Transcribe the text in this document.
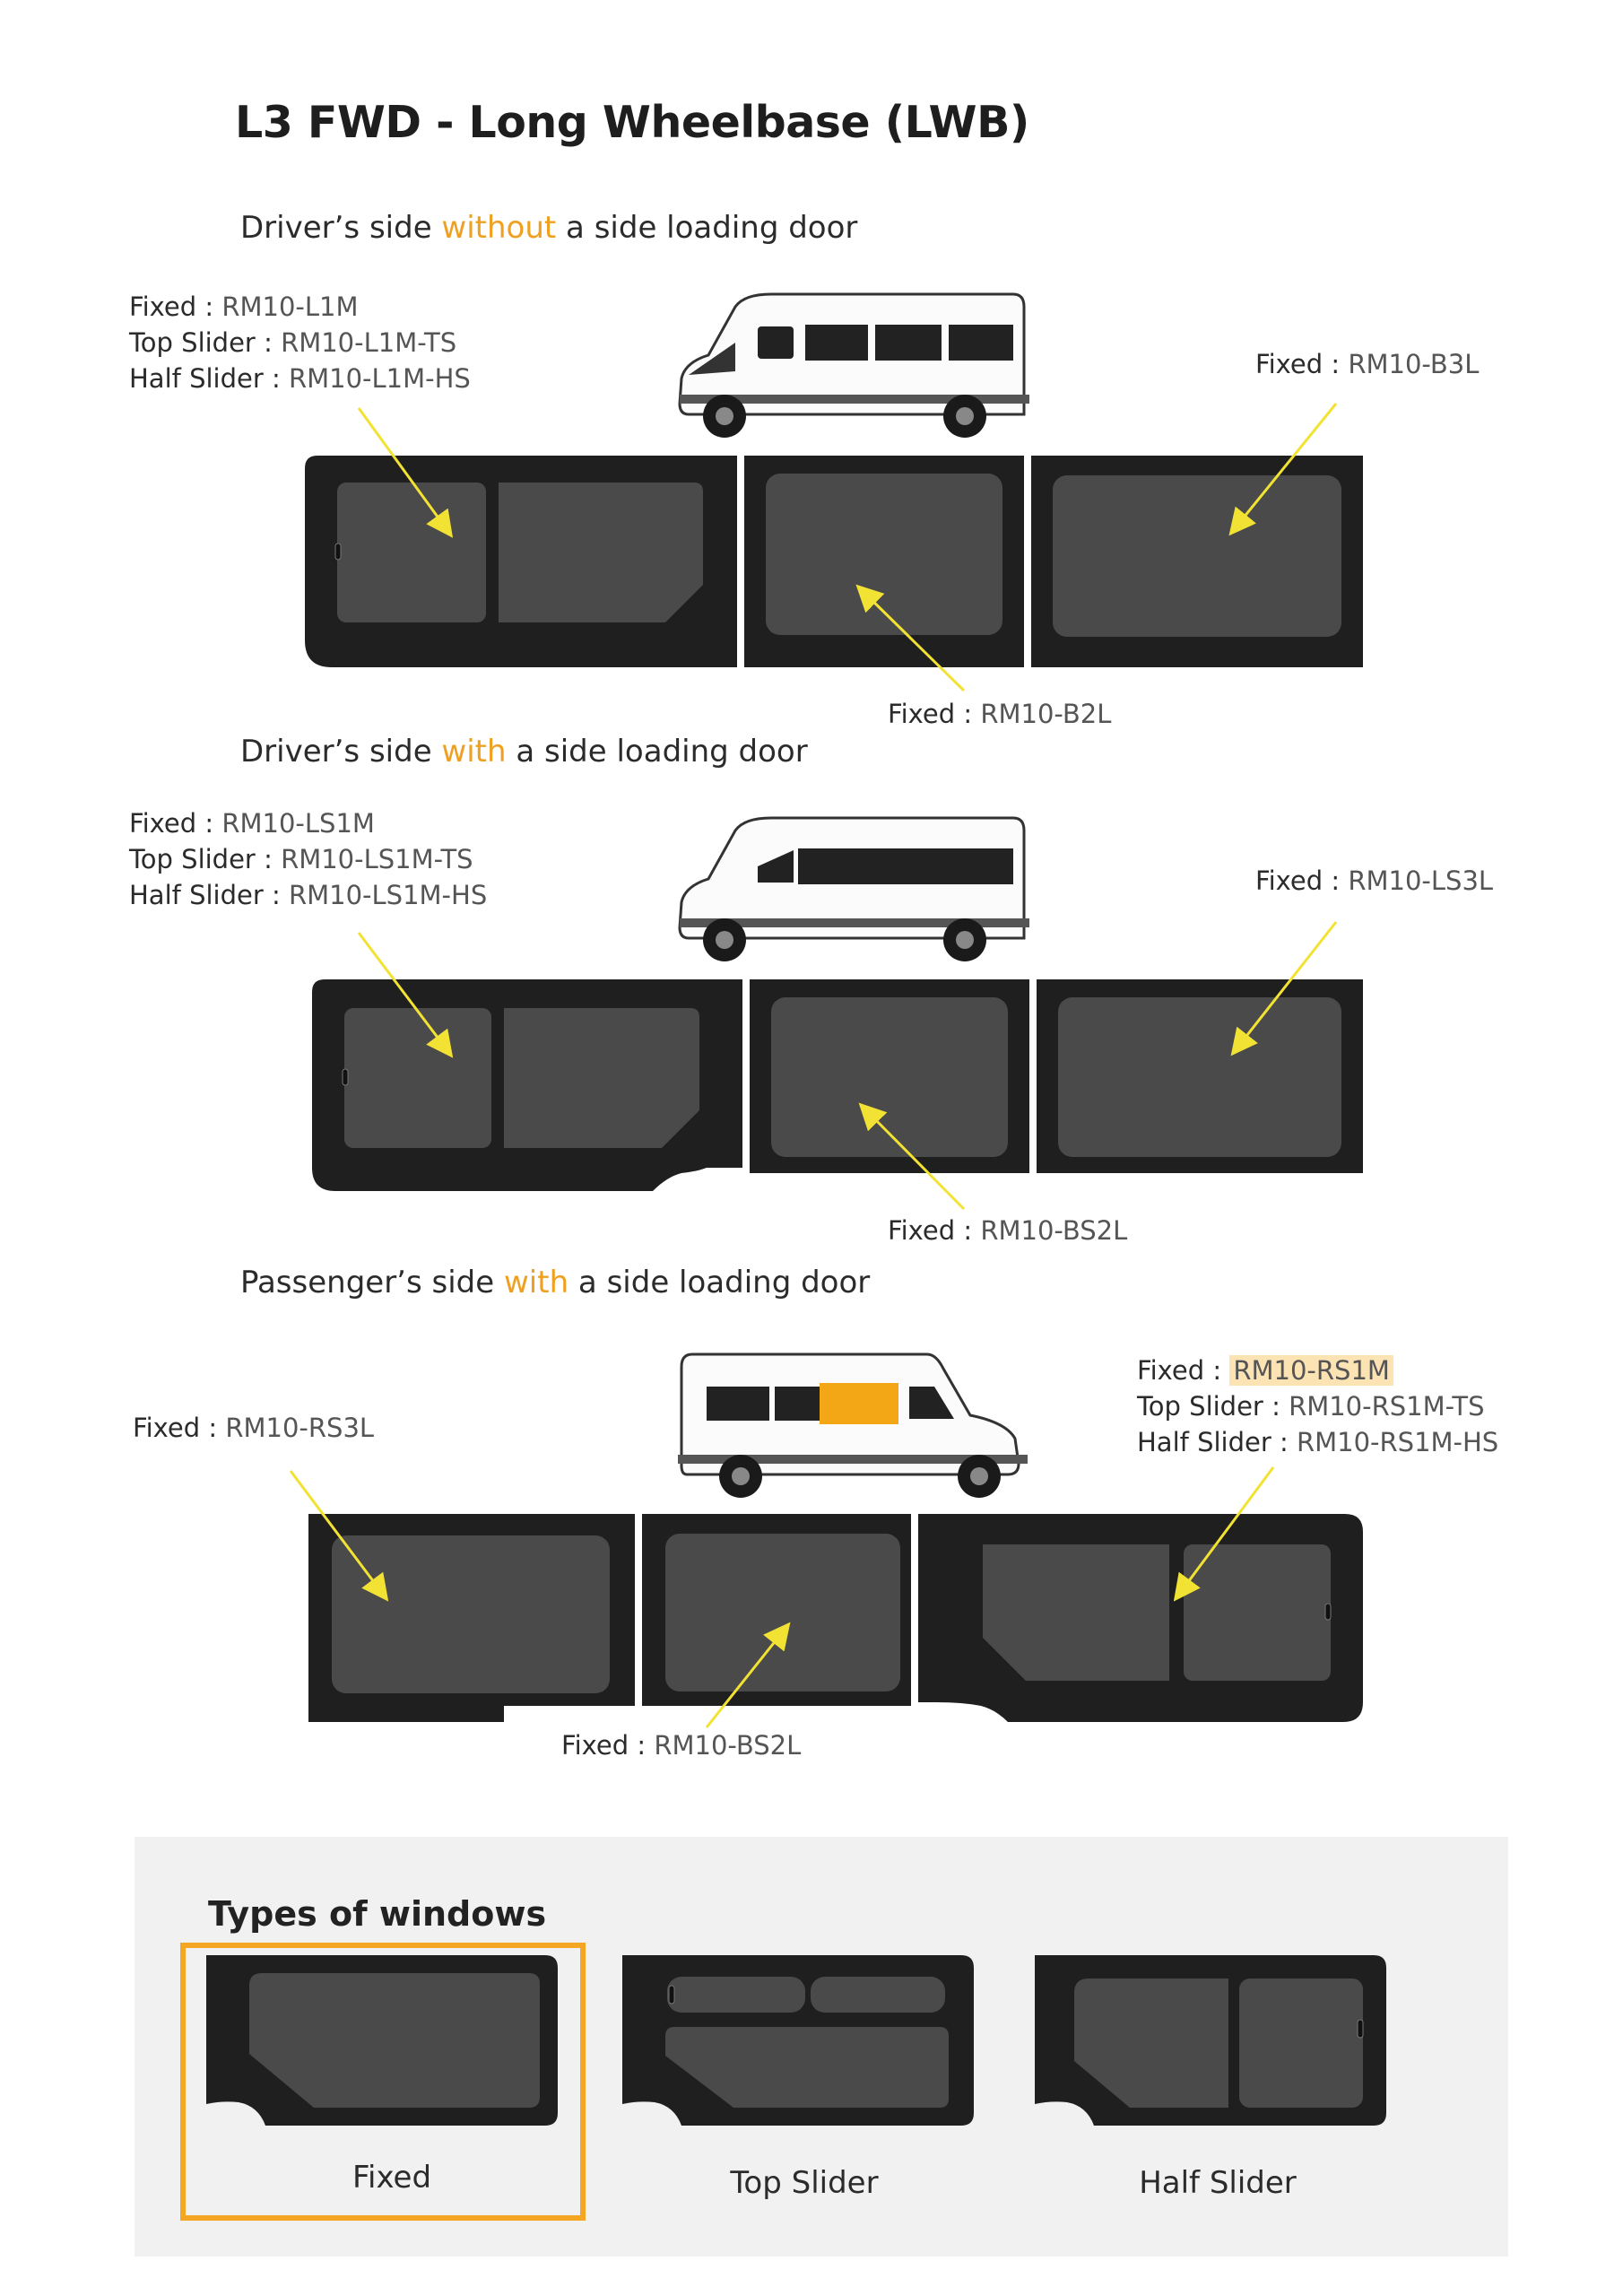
L3 FWD - Long Wheelbase (LWB)
Driver’s side without a side loading door
Fixed : RM10-L1M
Top Slider : RM10-L1M-TS
Half Slider : RM10-L1M-HS	Fixed : RM10-B3L
Fixed : RM10-B2L
Driver’s side with a side loading door
Fixed : RM10-LS1M
Top Slider : RM10-LS1M-TS
Half Slider : RM10-LS1M-HS	Fixed : RM10-LS3L
Fixed : RM10-BS2L
Passenger’s side with a side loading door
Fixed : RM10-RS3L
Fixed : RM10-RS1M
Top Slider : RM10-RS1M-TS
Half Slider : RM10-RS1M-HS
Fixed : RM10-BS2L
Types of windows
Fixed	Top Slider	Half Slider
